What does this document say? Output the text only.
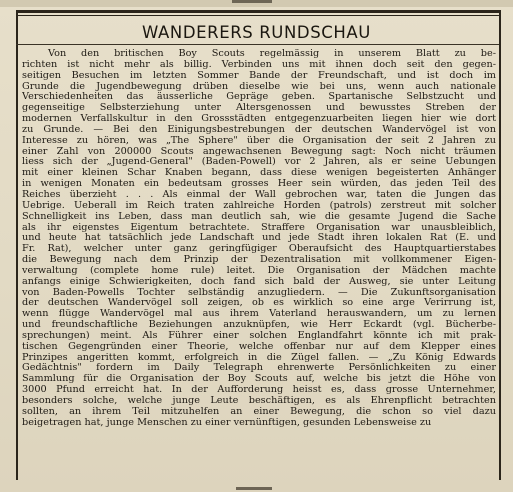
WANDERERS RUNDSCHAU
Von den britischen Boy Scouts regelmässig in unserem Blatt zu be-
richten ist nicht mehr als billig. Verbinden uns mit ihnen doch seit den gegen-
seitigen Besuchen im letzten Sommer Bande der Freundschaft, und ist doch im
Grunde die Jugendbewegung drüben dieselbe wie bei uns, wenn auch nationale
Verschiedenheiten das äusserliche Gepräge geben. Spartanische Selbstzucht und
gegenseitige Selbsterziehung unter Altersgenossen und bewusstes Streben der
modernen Verfallskultur in den Grossstädten entgegenzuarbeiten liegen hier wie dort
zu Grunde. — Bei den Einigungsbestrebungen der deutschen Wandervögel ist von
Interesse zu hören, was „The Sphere" über die Organisation der seit 2 Jahren zu
einer Zahl von 200000 Scouts angewachsenen Bewegung sagt: Noch nicht träumen
liess sich der „Jugend-General" (Baden-Powell) vor 2 Jahren, als er seine Uebungen
mit einer kleinen Schar Knaben begann, dass diese wenigen begeisterten Anhänger
in wenigen Monaten ein bedeutsam grosses Heer sein würden, das jeden Teil des
Reiches überzieht . . . Als einmal der Wall gebrochen war, taten die Jungen das
Uebrige. Ueberall im Reich traten zahlreiche Horden (patrols) zerstreut mit solcher
Schnelligkeit ins Leben, dass man deutlich sah, wie die gesamte Jugend die Sache
als ihr eigenstes Eigentum betrachtete. Straffere Organisation war unausbleiblich,
und heute hat tatsächlich jede Landschaft und jede Stadt ihren lokalen Rat (E. und
Fr. Rat), welcher unter ganz geringfügiger Oberaufsicht des Hauptquartierstabes
die Bewegung nach dem Prinzip der Dezentralisation mit vollkommener Eigen-
verwaltung (complete home rule) leitet. Die Organisation der Mädchen machte
anfangs einige Schwierigkeiten, doch fand sich bald der Ausweg, sie unter Leitung
von Baden-Powells Tochter selbständig anzugliedern. — Die Zukunftsorganisation
der deutschen Wandervögel soll zeigen, ob es wirklich so eine arge Verirrung ist,
wenn flügge Wandervögel mal aus ihrem Vaterland herauswandern, um zu lernen
und freundschaftliche Beziehungen anzuknüpfen, wie Herr Eckardt (vgl. Bücherbe-
sprechungen) meint. Als Führer einer solchen Englandfahrt könnte ich mit prak-
tischen Gegengründen einer Theorie, welche offenbar nur auf dem Klepper eines
Prinzipes angeritten kommt, erfolgreich in die Zügel fallen. — „Zu König Edwards
Gedächtnis" fordern im Daily Telegraph ehrenwerte Persönlichkeiten zu einer
Sammlung für die Organisation der Boy Scouts auf, welche bis jetzt die Höhe von
3000 Pfund erreicht hat. In der Aufforderung heisst es, dass grosse Unternehmer,
besonders solche, welche junge Leute beschäftigen, es als Ehrenpflicht betrachten
sollten, an ihrem Teil mitzuhelfen an einer Bewegung, die schon so viel dazu
beigetragen hat, junge Menschen zu einer vernünftigen, gesunden Lebensweise zu
